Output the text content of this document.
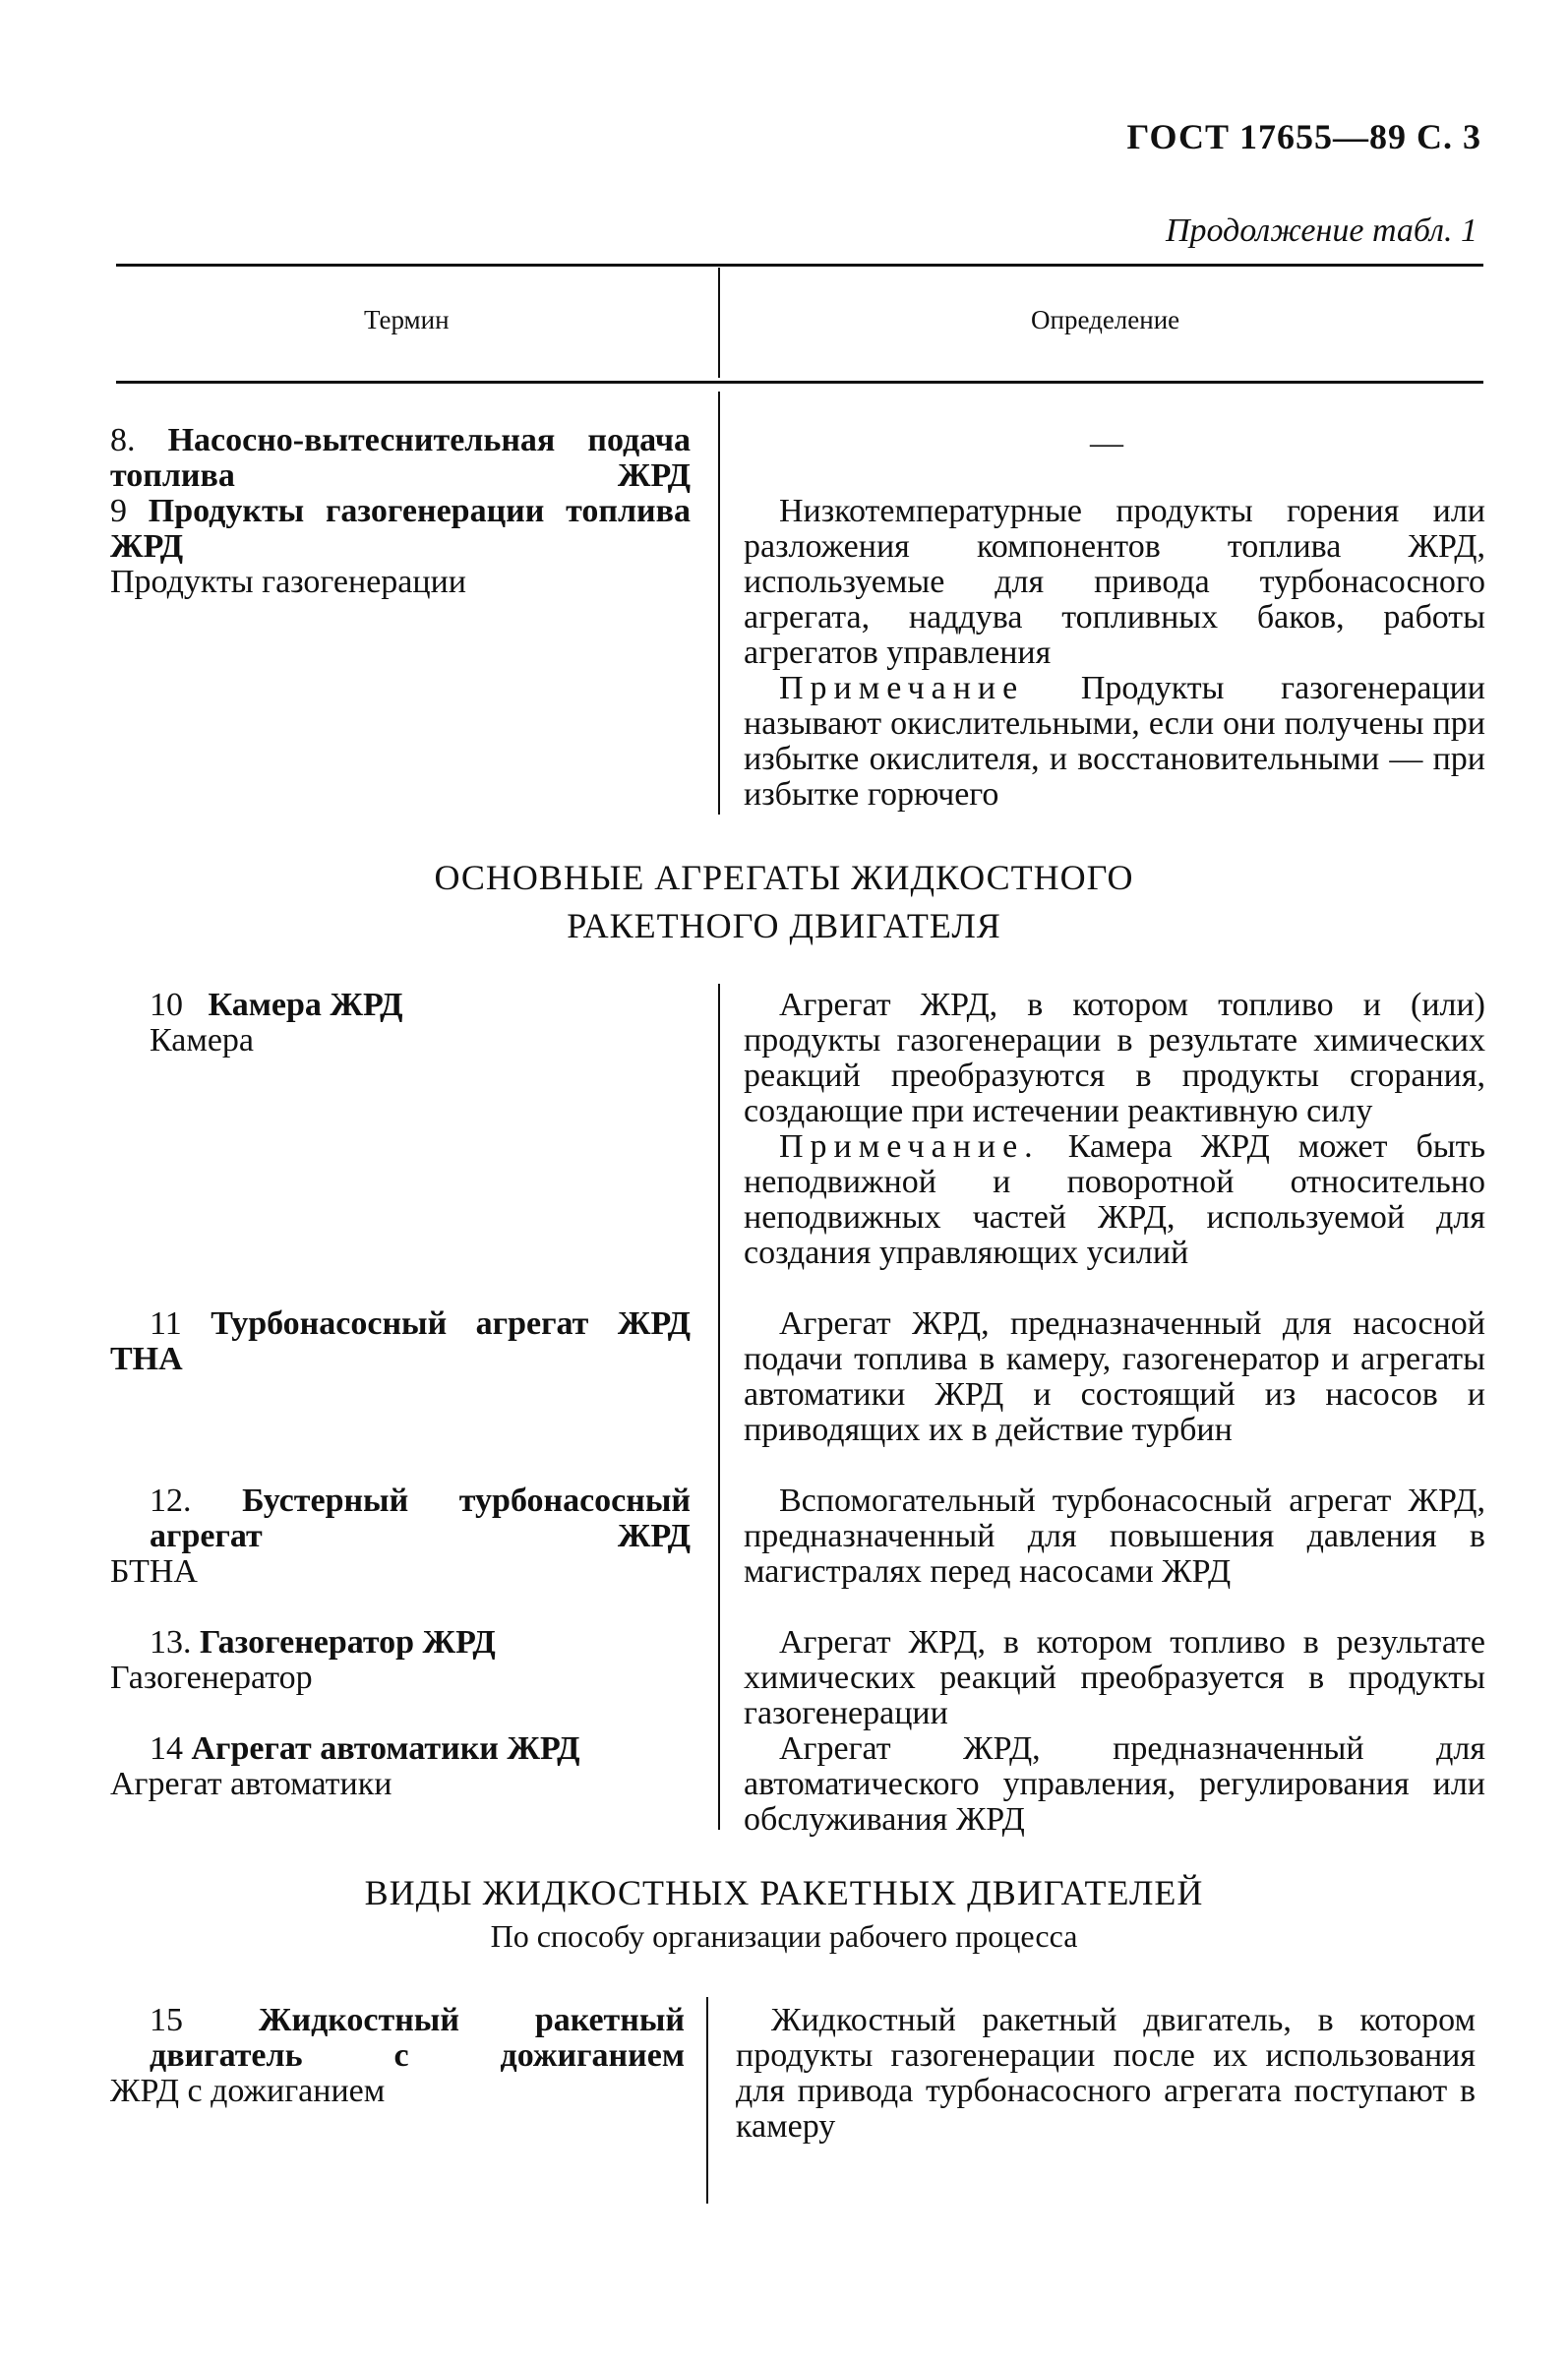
ГОСТ 17655—89 С. 3
Продолжение табл. 1
Термин	Определение
8. Насосно-вытеснительная подача топлива ЖРД
—
9 Продукты газогенерации топлива ЖРД
Продукты газогенерации

Низкотемпературные продукты горения или разложения компонентов топлива ЖРД, используемые для привода турбонасосного агрегата, наддува топливных баков, работы агрегатов управления

Примечание Продукты газогенерации называют окислительными, если они получены при избытке окислителя, и восстановительными — при избытке горючего

ОСНОВНЫЕ АГРЕГАТЫ ЖИДКОСТНОГО
РАКЕТНОГО ДВИГАТЕЛЯ
10 Камера ЖРД
Камера

Агрегат ЖРД, в котором топливо и (или) продукты газогенерации в результате химических реакций преобразуются в продукты сгорания, создающие при истечении реактивную силу

Примечание. Камера ЖРД может быть неподвижной и поворотной относительно неподвижных частей ЖРД, используемой для создания управляющих усилий

11 Турбонасосный агрегат ЖРД
ТНА

Агрегат ЖРД, предназначенный для насосной подачи топлива в камеру, газогенератор и агрегаты автоматики ЖРД и состоящий из насосов и приводящих их в действие турбин

12. Бустерный турбонасосный агрегат ЖРД
БТНА

Вспомогательный турбонасосный агрегат ЖРД, предназначенный для повышения давления в магистралях перед насосами ЖРД

13. Газогенератор ЖРД
Газогенератор

Агрегат ЖРД, в котором топливо в результате химических реакций преобразуется в продукты газогенерации

14 Агрегат автоматики ЖРД
Агрегат автоматики

Агрегат ЖРД, предназначенный для автоматического управления, регулирования или обслуживания ЖРД

ВИДЫ ЖИДКОСТНЫХ РАКЕТНЫХ ДВИГАТЕЛЕЙ
По способу организации рабочего процесса
15 Жидкостный ракетный двигатель с дожиганием
ЖРД с дожиганием

Жидкостный ракетный двигатель, в котором продукты газогенерации после их использования для привода турбонасосного агрегата поступают в камеру
